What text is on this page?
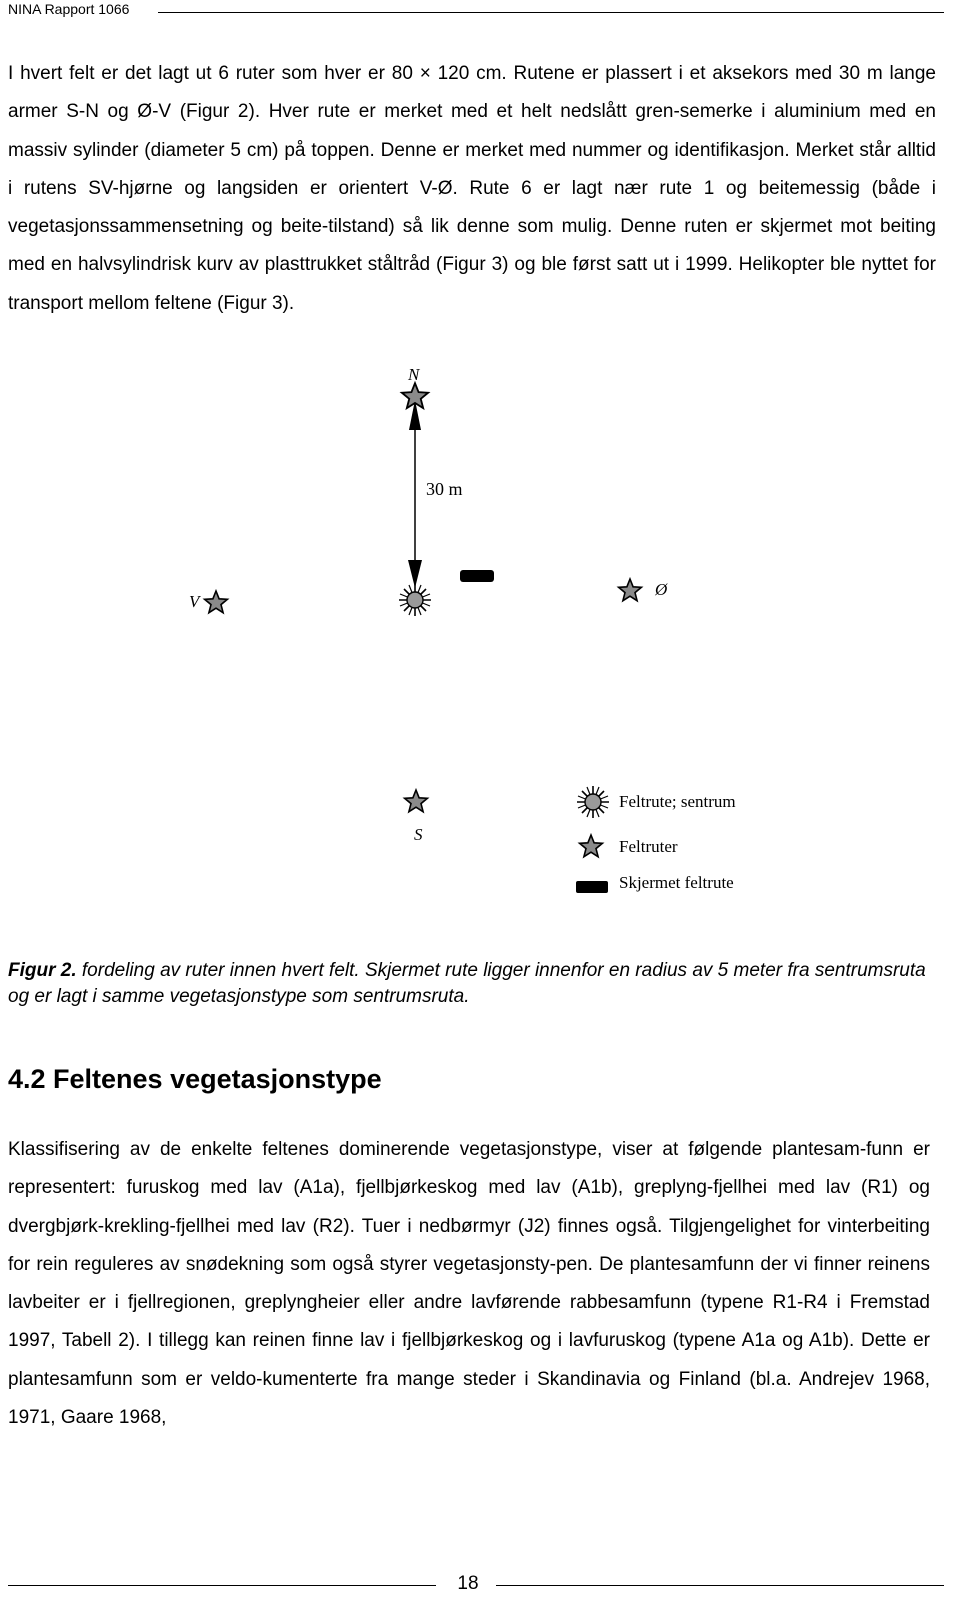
NINA Rapport 1066

I hvert felt er det lagt ut 6 ruter som hver er 80 × 120 cm. Rutene er plassert i et aksekors med 30 m lange armer S-N og Ø-V (Figur 2). Hver rute er merket med et helt nedslått gren-semerke i aluminium med en massiv sylinder (diameter 5 cm) på toppen. Denne er merket med nummer og identifikasjon. Merket står alltid i rutens SV-hjørne og langsiden er orientert V-Ø. Rute 6 er lagt nær rute 1 og beitemessig (både i vegetasjonssammensetning og beite-tilstand) så lik denne som mulig. Denne ruten er skjermet mot beiting med en halvsylindrisk kurv av plasttrukket ståltråd (Figur 3) og ble først satt ut i 1999. Helikopter ble nyttet for transport mellom feltene (Figur 3).

N
V
Ø
S
30 m
Feltrute; sentrum
Feltruter
Skjermet feltrute

Figur 2. fordeling av ruter innen hvert felt. Skjermet rute ligger innenfor en radius av 5 meter fra sentrumsruta og er lagt i samme vegetasjonstype som sentrumsruta.

4.2 Feltenes vegetasjonstype

Klassifisering av de enkelte feltenes dominerende vegetasjonstype, viser at følgende plantesam-funn er representert: furuskog med lav (A1a), fjellbjørkeskog med lav (A1b), greplyng-fjellhei med lav (R1) og dvergbjørk-krekling-fjellhei med lav (R2). Tuer i nedbørmyr (J2) finnes også. Tilgjengelighet for vinterbeiting for rein reguleres av snødekning som også styrer vegetasjonsty-pen. De plantesamfunn der vi finner reinens lavbeiter er i fjellregionen, greplyngheier eller andre lavførende rabbesamfunn (typene R1-R4 i Fremstad 1997, Tabell 2). I tillegg kan reinen finne lav i fjellbjørkeskog og i lavfuruskog (typene A1a og A1b). Dette er plantesamfunn som er veldo-kumenterte fra mange steder i Skandinavia og Finland (bl.a. Andrejev 1968, 1971, Gaare 1968,

18
